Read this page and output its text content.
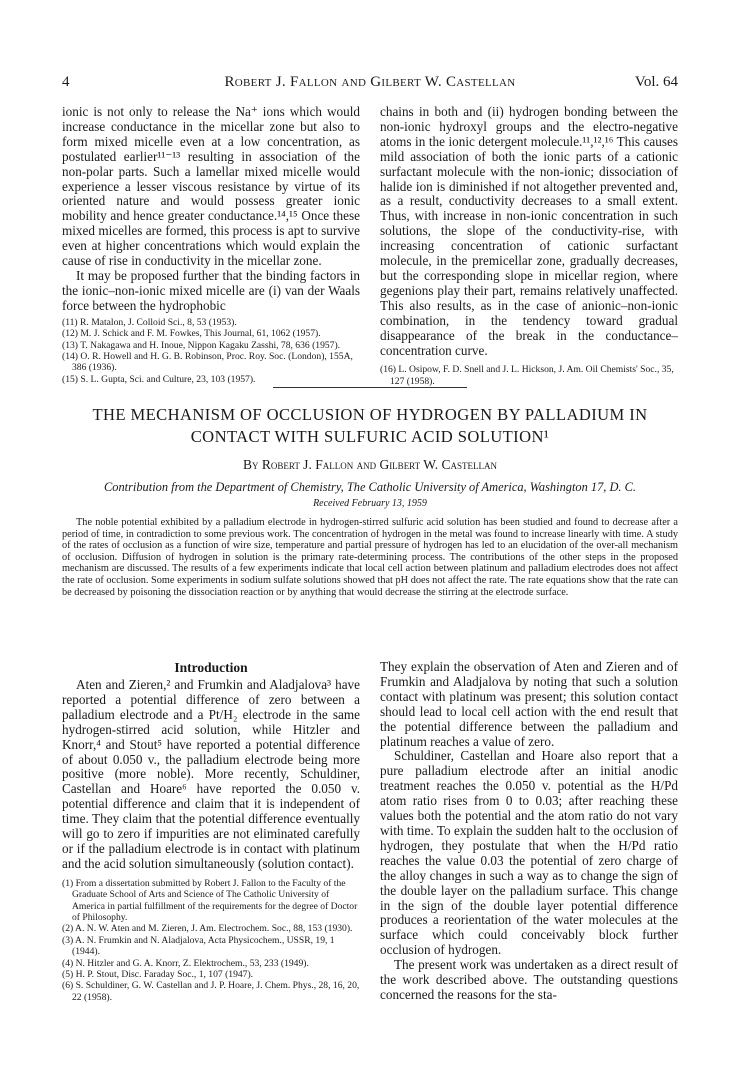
4	Robert J. Fallon and Gilbert W. Castellan	Vol. 64

ionic is not only to release the Na⁺ ions which would increase conductance in the micellar zone but also to form mixed micelle even at a low concentration, as postulated earlier¹¹⁻¹³ resulting in association of the non-polar parts. Such a lamellar mixed micelle would experience a lesser viscous resistance by virtue of its oriented nature and would possess greater ionic mobility and hence greater conductance.¹⁴,¹⁵ Once these mixed micelles are formed, this process is apt to survive even at higher concentrations which would explain the cause of rise in conductivity in the micellar zone.

It may be proposed further that the binding factors in the ionic–non-ionic mixed micelle are (i) van der Waals force between the hydrophobic

(11) R. Matalon, J. Colloid Sci., 8, 53 (1953).

(12) M. J. Schick and F. M. Fowkes, This Journal, 61, 1062 (1957).

(13) T. Nakagawa and H. Inoue, Nippon Kagaku Zasshi, 78, 636 (1957).

(14) O. R. Howell and H. G. B. Robinson, Proc. Roy. Soc. (London), 155A, 386 (1936).

(15) S. L. Gupta, Sci. and Culture, 23, 103 (1957).

chains in both and (ii) hydrogen bonding between the non-ionic hydroxyl groups and the electro-negative atoms in the ionic detergent molecule.¹¹,¹²,¹⁶ This causes mild association of both the ionic parts of a cationic surfactant molecule with the non-ionic; dissociation of halide ion is diminished if not altogether prevented and, as a result, conductivity decreases to a small extent. Thus, with increase in non-ionic concentration in such solutions, the slope of the conductivity-rise, with increasing concentration of cationic surfactant molecule, in the premicellar zone, gradually decreases, but the corresponding slope in micellar region, where gegenions play their part, remains relatively unaffected. This also results, as in the case of anionic–non-ionic combination, in the tendency toward gradual disappearance of the break in the conductance–concentration curve.

(16) L. Osipow, F. D. Snell and J. L. Hickson, J. Am. Oil Chemists' Soc., 35, 127 (1958).

THE MECHANISM OF OCCLUSION OF HYDROGEN BY PALLADIUM IN CONTACT WITH SULFURIC ACID SOLUTION¹
By Robert J. Fallon and Gilbert W. Castellan
Contribution from the Department of Chemistry, The Catholic University of America, Washington 17, D. C.
Received February 13, 1959

The noble potential exhibited by a palladium electrode in hydrogen-stirred sulfuric acid solution has been studied and found to decrease after a period of time, in contradiction to some previous work. The concentration of hydrogen in the metal was found to increase linearly with time. A study of the rates of occlusion as a function of wire size, temperature and partial pressure of hydrogen has led to an elucidation of the over-all mechanism of occlusion. Diffusion of hydrogen in solution is the primary rate-determining process. The contributions of the other steps in the proposed mechanism are discussed. The results of a few experiments indicate that local cell action between platinum and palladium electrodes does not affect the rate of occlusion. Some experiments in sodium sulfate solutions showed that pH does not affect the rate. The rate equations show that the rate can be decreased by poisoning the dissociation reaction or by anything that would decrease the stirring at the electrode surface.

Introduction

Aten and Zieren,² and Frumkin and Aladjalova³ have reported a potential difference of zero between a palladium electrode and a Pt/H₂ electrode in the same hydrogen-stirred acid solution, while Hitzler and Knorr,⁴ and Stout⁵ have reported a potential difference of about 0.050 v., the palladium electrode being more positive (more noble). More recently, Schuldiner, Castellan and Hoare⁶ have reported the 0.050 v. potential difference and claim that it is independent of time. They claim that the potential difference eventually will go to zero if impurities are not eliminated carefully or if the palladium electrode is in contact with platinum and the acid solution simultaneously (solution contact).

(1) From a dissertation submitted by Robert J. Fallon to the Faculty of the Graduate School of Arts and Science of The Catholic University of America in partial fulfillment of the requirements for the degree of Doctor of Philosophy.

(2) A. N. W. Aten and M. Zieren, J. Am. Electrochem. Soc., 88, 153 (1930).

(3) A. N. Frumkin and N. Aladjalova, Acta Physicochem., USSR, 19, 1 (1944).

(4) N. Hitzler and G. A. Knorr, Z. Elektrochem., 53, 233 (1949).

(5) H. P. Stout, Disc. Faraday Soc., 1, 107 (1947).

(6) S. Schuldiner, G. W. Castellan and J. P. Hoare, J. Chem. Phys., 28, 16, 20, 22 (1958).

They explain the observation of Aten and Zieren and of Frumkin and Aladjalova by noting that such a solution contact with platinum was present; this solution contact should lead to local cell action with the end result that the potential difference between the palladium and platinum reaches a value of zero.

Schuldiner, Castellan and Hoare also report that a pure palladium electrode after an initial anodic treatment reaches the 0.050 v. potential as the H/Pd atom ratio rises from 0 to 0.03; after reaching these values both the potential and the atom ratio do not vary with time. To explain the sudden halt to the occlusion of hydrogen, they postulate that when the H/Pd ratio reaches the value 0.03 the potential of zero charge of the alloy changes in such a way as to change the sign of the double layer on the palladium surface. This change in the sign of the double layer potential difference produces a reorientation of the water molecules at the surface which could conceivably block further occlusion of hydrogen.

The present work was undertaken as a direct result of the work described above. The outstanding questions concerned the reasons for the sta-
